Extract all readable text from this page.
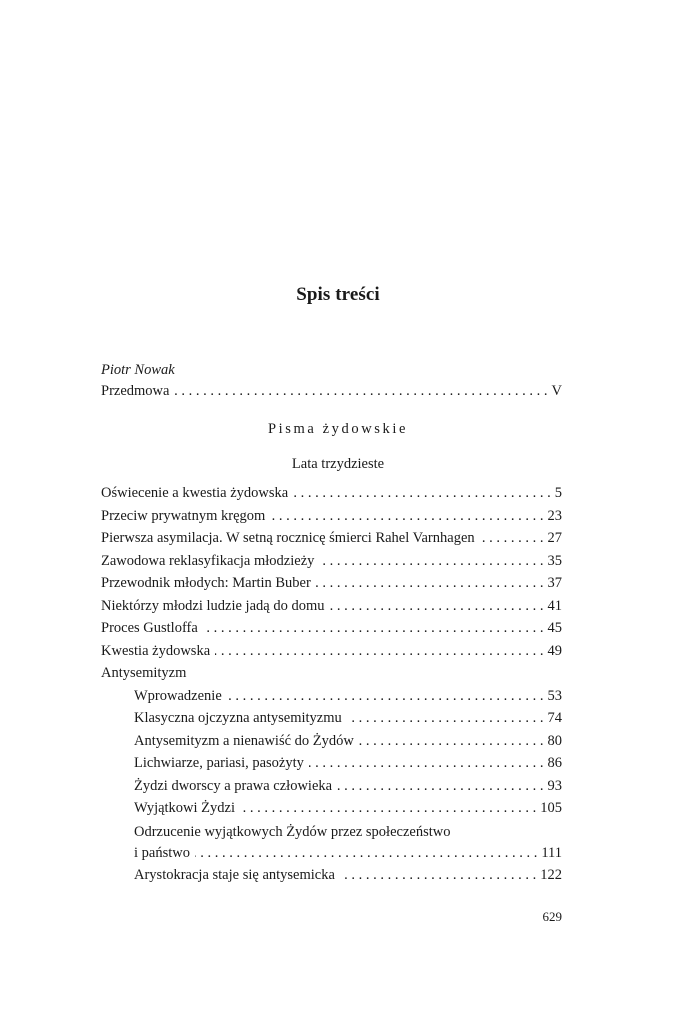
Spis treści
Piotr Nowak
Przedmowa . . .	V
Pisma żydowskie
Lata trzydzieste
Oświecenie a kwestia żydowska . . .	5
Przeciw prywatnym kręgom . . .	23
Pierwsza asymilacja. W setną rocznicę śmierci Rahel Varnhagen . . .	27
Zawodowa reklasyfikacja młodzieży . . .	35
Przewodnik młodych: Martin Buber . . .	37
Niektórzy młodzi ludzie jadą do domu . . .	41
Proces Gustloffa . . .	45
Kwestia żydowska . . .	49
Antysemityzm
Wprowadzenie . . .	53
Klasyczna ojczyzna antysemityzmu . . .	74
Antysemityzm a nienawiść do Żydów . . .	80
Lichwiarze, pariasi, pasożyty . . .	86
Żydzi dworscy a prawa człowieka . . .	93
Wyjątkowi Żydzi . . .	105
Odrzucenie wyjątkowych Żydów przez społeczeństwo
i państwo . . .	111
Arystokracja staje się antysemicka . . .	122
629
